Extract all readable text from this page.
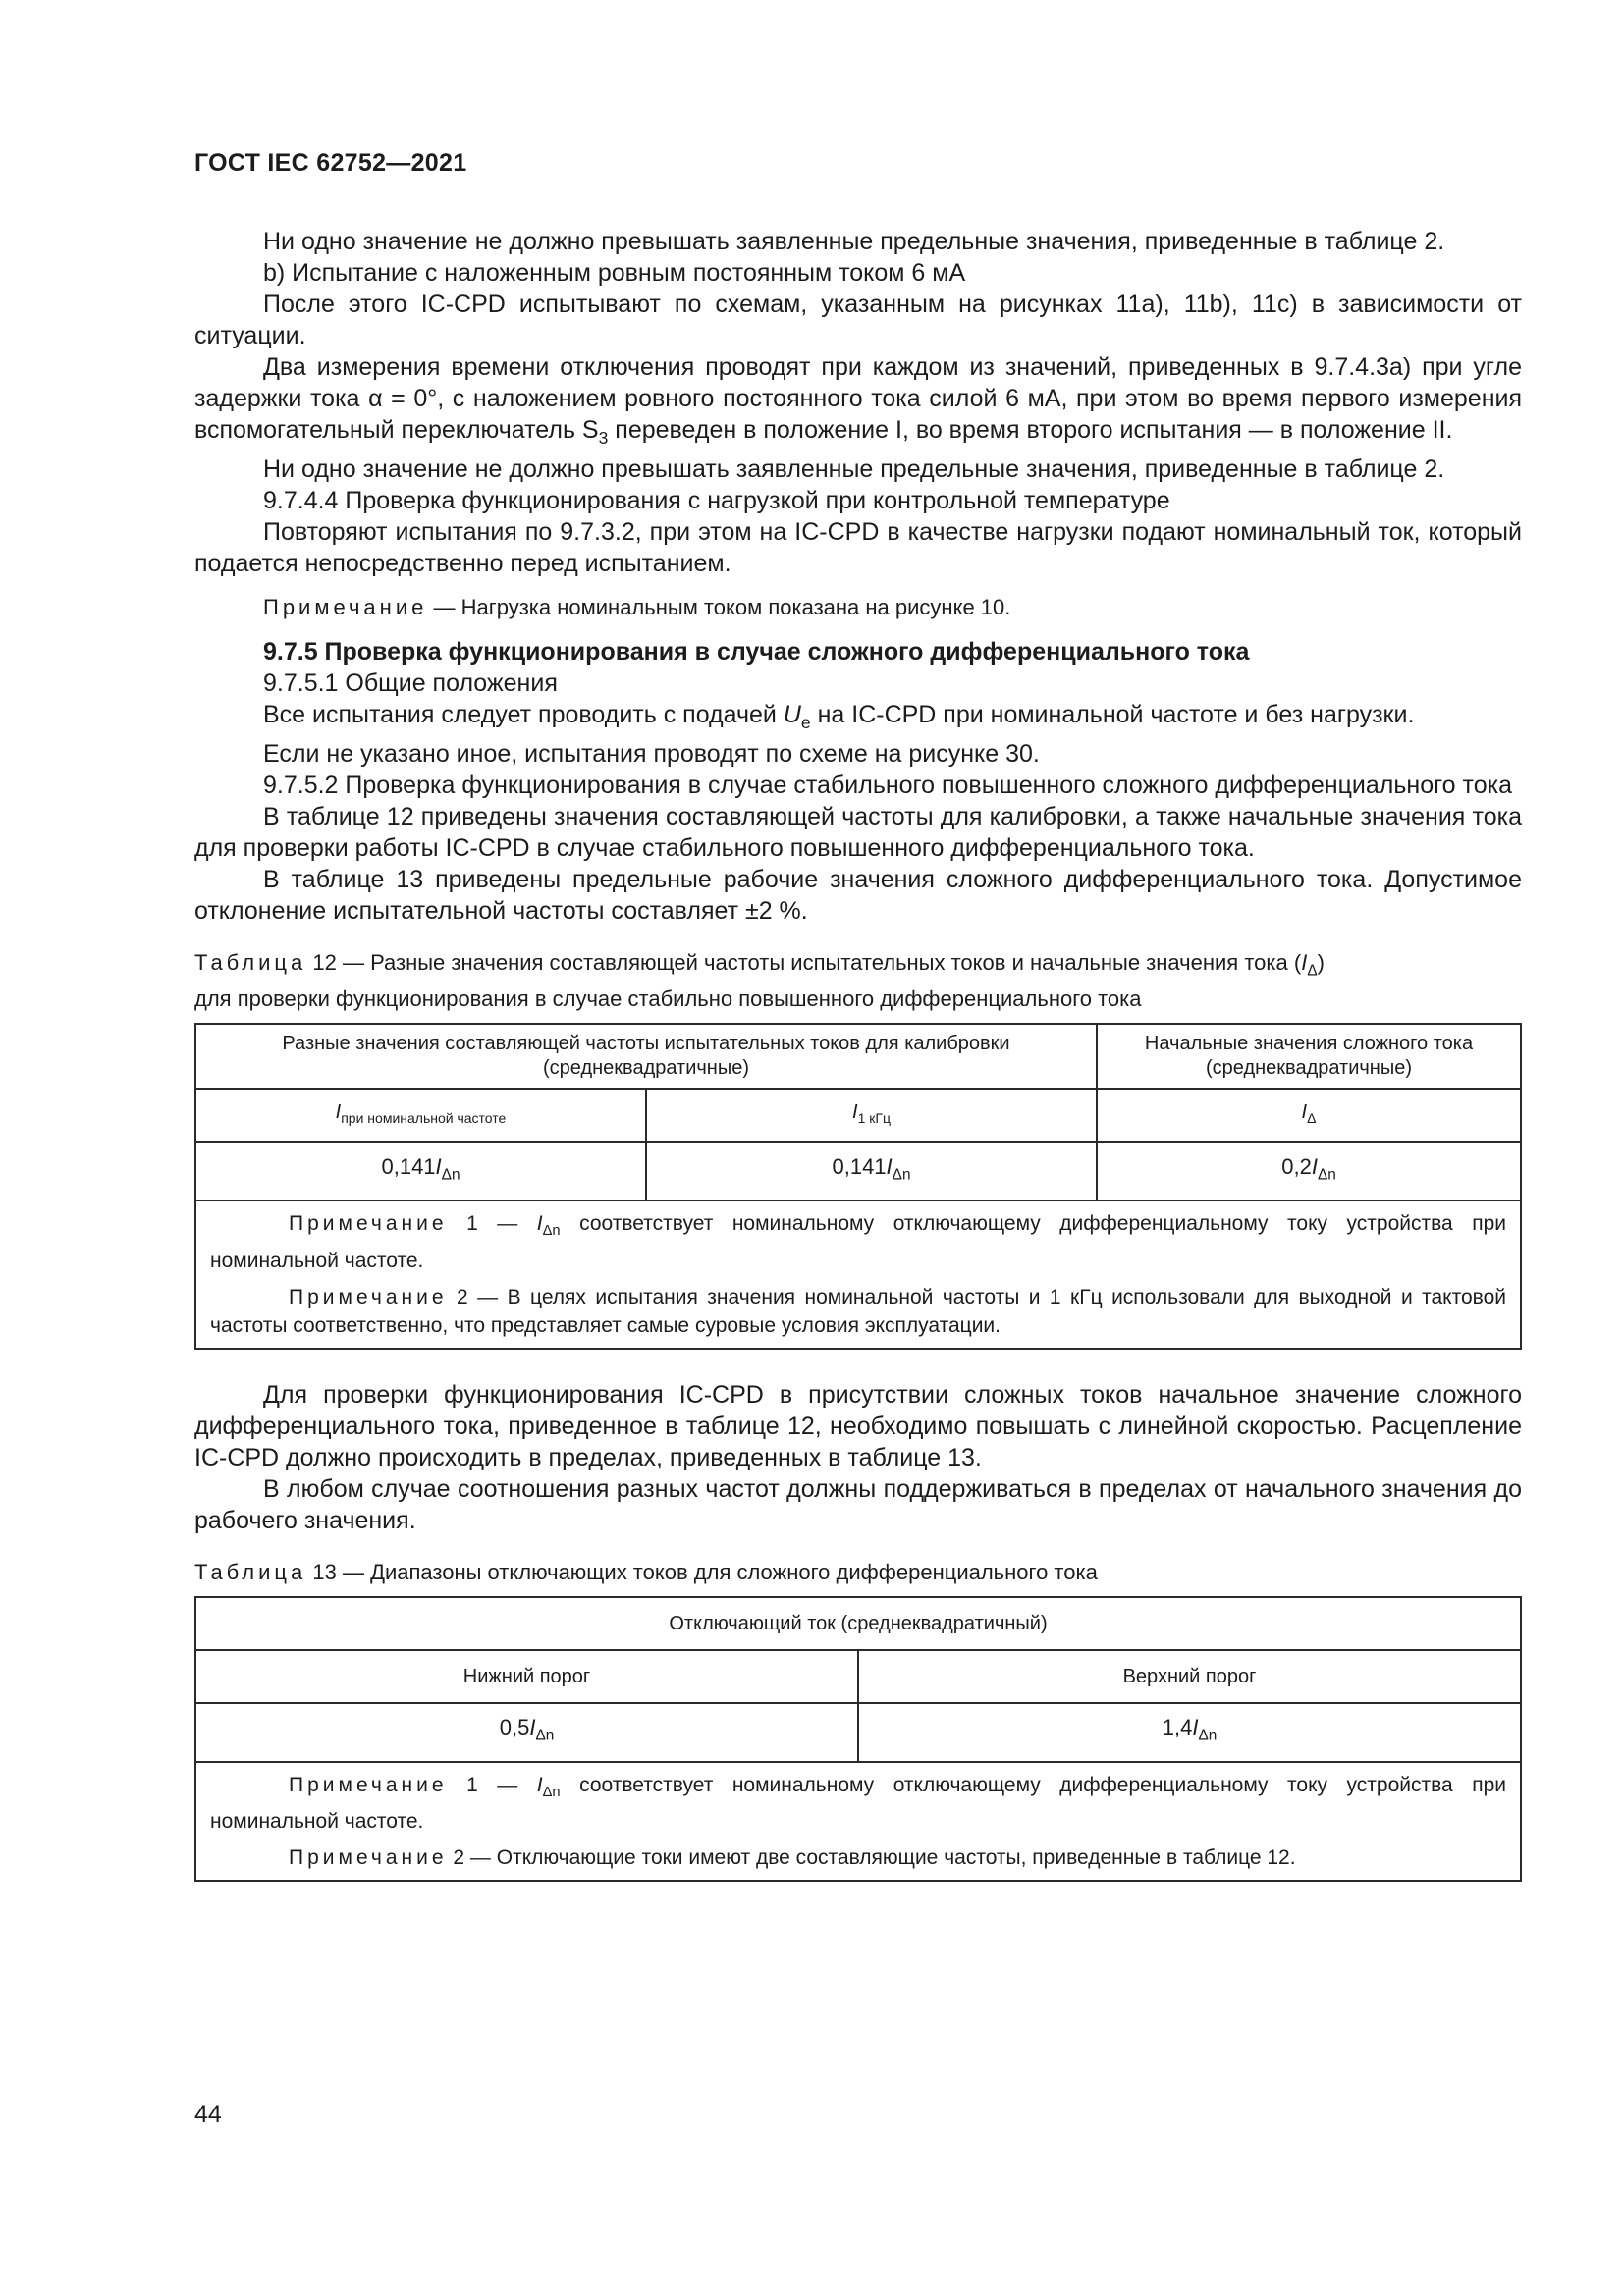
ГОСТ IEC 62752—2021

Ни одно значение не должно превышать заявленные предельные значения, приведенные в таблице 2.

b) Испытание с наложенным ровным постоянным током 6 мА

После этого IC-CPD испытывают по схемам, указанным на рисунках 11а), 11b), 11c) в зависимости от ситуации.

Два измерения времени отключения проводят при каждом из значений, приведенных в 9.7.4.3а) при угле задержки тока α = 0°, с наложением ровного постоянного тока силой 6 мА, при этом во время первого измерения вспомогательный переключатель $S_3$ переведен в положение I, во время второго испытания — в положение II.

Ни одно значение не должно превышать заявленные предельные значения, приведенные в таблице 2.

9.7.4.4 Проверка функционирования с нагрузкой при контрольной температуре

Повторяют испытания по 9.7.3.2, при этом на IC-CPD в качестве нагрузки подают номинальный ток, который подается непосредственно перед испытанием.

Примечание — Нагрузка номинальным током показана на рисунке 10.

9.7.5 Проверка функционирования в случае сложного дифференциального тока

9.7.5.1 Общие положения

Все испытания следует проводить с подачей $U_e$ на IC-CPD при номинальной частоте и без нагрузки.

Если не указано иное, испытания проводят по схеме на рисунке 30.

9.7.5.2 Проверка функционирования в случае стабильного повышенного сложного дифференциального тока

В таблице 12 приведены значения составляющей частоты для калибровки, а также начальные значения тока для проверки работы IC-CPD в случае стабильного повышенного дифференциального тока.

В таблице 13 приведены предельные рабочие значения сложного дифференциального тока. Допустимое отклонение испытательной частоты составляет ±2 %.

Таблица 12 — Разные значения составляющей частоты испытательных токов и начальные значения тока $(I_\Delta)$
для проверки функционирования в случае стабильно повышенного дифференциального тока

Разные значения составляющей частоты испытательных токов для калибровки (среднеквадратичные)		Начальные значения сложного тока (среднеквадратичные)
$I_{при номинальной частоте}$	$I_{1 кГц}$	$I_\Delta$
$0,141I_{\Delta n}$	$0,141I_{\Delta n}$	$0,2I_{\Delta n}$

Примечание 1 — $I_{\Delta n}$ соответствует номинальному отключающему дифференциальному току устройства при номинальной частоте.

Примечание 2 — В целях испытания значения номинальной частоты и 1 кГц использовали для выходной и тактовой частоты соответственно, что представляет самые суровые условия эксплуатации.		

Для проверки функционирования IC-CPD в присутствии сложных токов начальное значение сложного дифференциального тока, приведенное в таблице 12, необходимо повышать с линейной скоростью. Расцепление IC-CPD должно происходить в пределах, приведенных в таблице 13.

В любом случае соотношения разных частот должны поддерживаться в пределах от начального значения до рабочего значения.

Таблица 13 — Диапазоны отключающих токов для сложного дифференциального тока

Отключающий ток (среднеквадратичный)	
Нижний порог	Верхний порог
$0,5I_{\Delta n}$	$1,4I_{\Delta n}$

Примечание 1 — $I_{\Delta n}$ соответствует номинальному отключающему дифференциальному току устройства при номинальной частоте.

Примечание 2 — Отключающие токи имеют две составляющие частоты, приведенные в таблице 12.	

44
